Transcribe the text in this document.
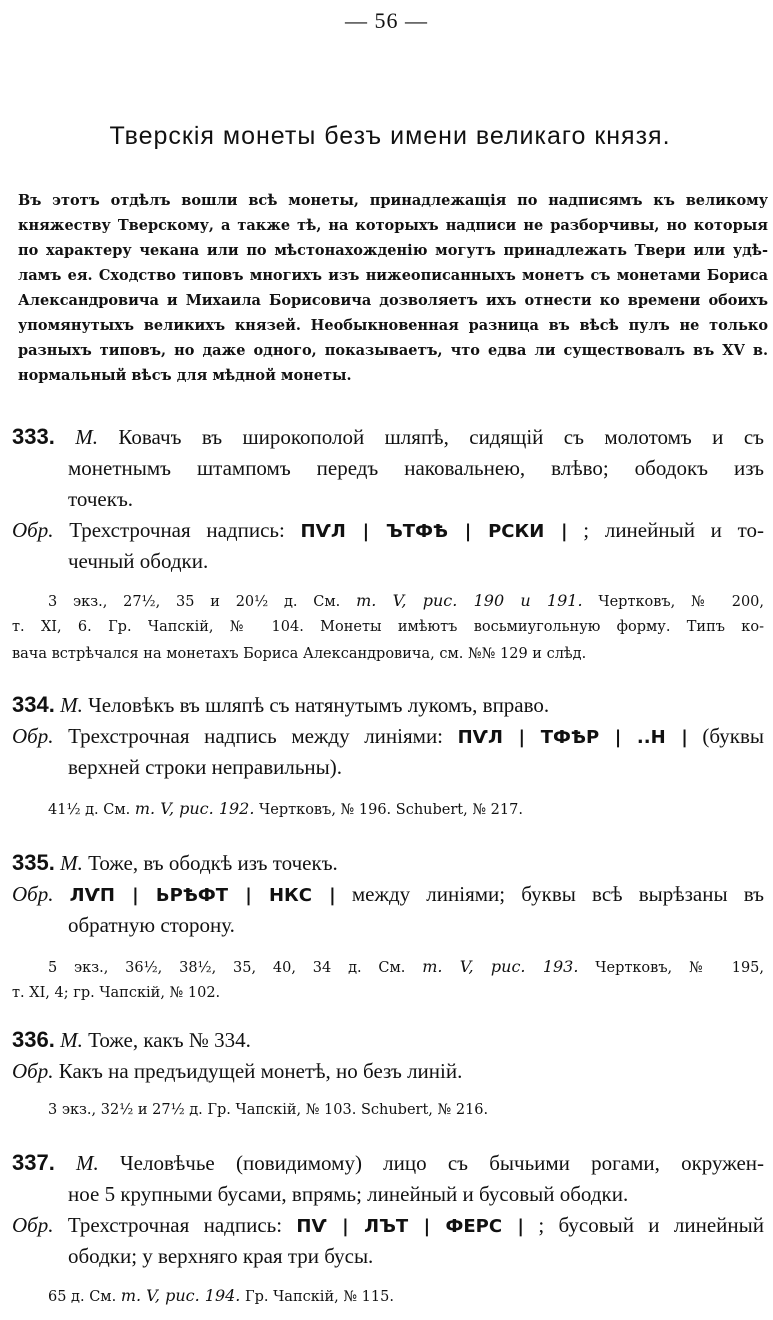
— 56 —
Тверскія монеты безъ имени великаго князя.
Въ этотъ отдѣлъ вошли всѣ монеты, принадлежащія по надписямъ къ великому
княжеству Тверскому, а также тѣ, на которыхъ надписи не разборчивы, но которыя
по характеру чекана или по мѣстонахожденію могутъ принадлежать Твери или удѣ-
ламъ ея. Сходство типовъ многихъ изъ нижеописанныхъ монетъ съ монетами Бориса
Александровича и Михаила Борисовича дозволяетъ ихъ отнести ко времени обоихъ
упомянутыхъ великихъ князей. Необыкновенная разница въ вѣсѣ пулъ не только
разныхъ типовъ, но даже одного, показываетъ, что едва ли существовалъ въ XV в.
нормальный вѣсъ для мѣдной монеты.
333. М. Ковачъ въ широкополой шляпѣ, сидящій съ молотомъ и съ
монетнымъ штампомъ передъ наковальнею, влѣво; ободокъ изъ
точекъ.
Обр. Трехстрочная надпись: ПѴЛ | ЪТФѢ | РСКИ | ; линейный и то-
чечный ободки.
3 экз., 27½, 35 и 20½ д. См. т. V, рис. 190 и 191. Чертковъ, № 200,
т. XI, 6. Гр. Чапскій, № 104. Монеты имѣютъ восьмиугольную форму. Типъ ко-
вача встрѣчался на монетахъ Бориса Александровича, см. №№ 129 и слѣд.
334. М. Человѣкъ въ шляпѣ съ натянутымъ лукомъ, вправо.
Обр. Трехстрочная надпись между линіями: ПѴЛ | ТФѢР | ..Н | (буквы
верхней строки неправильны).
41½ д. См. т. V, рис. 192. Чертковъ, № 196. Schubert, № 217.
335. М. Тоже, въ ободкѣ изъ точекъ.
Обр. ЛѴП | ЬРѢФТ | НКС | между линіями; буквы всѣ вырѣзаны въ
обратную сторону.
5 экз., 36½, 38½, 35, 40, 34 д. См. т. V, рис. 193. Чертковъ, № 195,
т. XI, 4; гр. Чапскій, № 102.
336. М. Тоже, какъ № 334.
Обр. Какъ на предъидущей монетѣ, но безъ линій.
3 экз., 32½ и 27½ д. Гр. Чапскій, № 103. Schubert, № 216.
337. М. Человѣчье (повидимому) лицо съ бычьими рогами, окружен-
ное 5 крупными бусами, впрямь; линейный и бусовый ободки.
Обр. Трехстрочная надпись: ПѴ | ЛЪТ | ФЕРС | ; бусовый и линейный
ободки; у верхняго края три бусы.
65 д. См. т. V, рис. 194. Гр. Чапскій, № 115.
